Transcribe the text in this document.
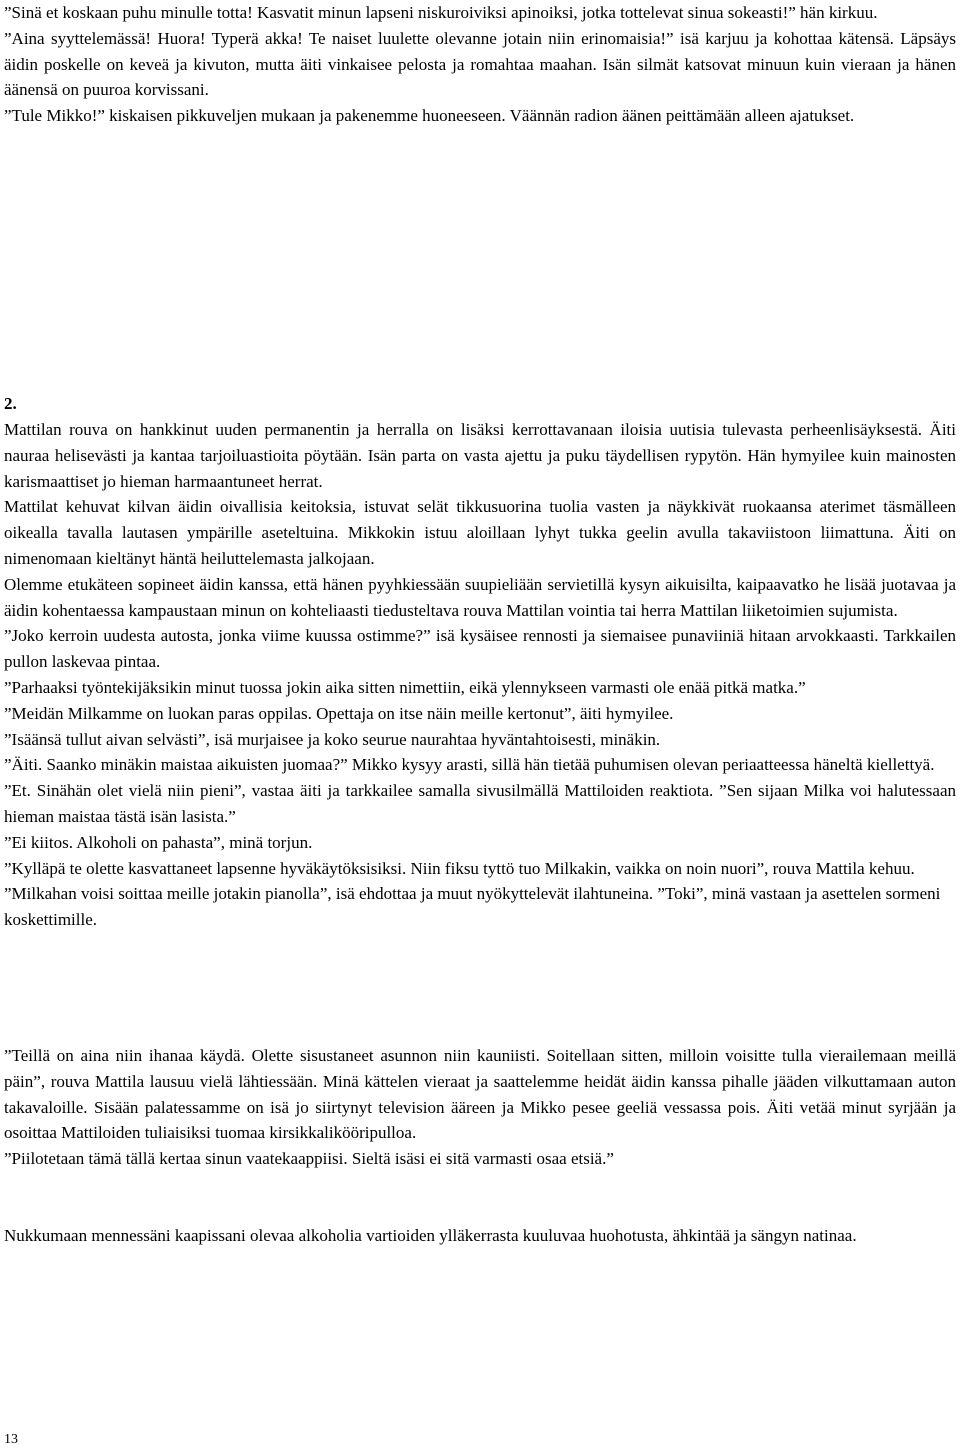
”Sinä et koskaan puhu minulle totta! Kasvatit minun lapseni niskuroiviksi apinoiksi, jotka tottelevat sinua sokeasti!” hän kirkuu.

”Aina syyttelemässä! Huora! Typerä akka! Te naiset luulette olevanne jotain niin erinomaisia!” isä karjuu ja kohottaa kätensä. Läpsäys äidin poskelle on keveä ja kivuton, mutta äiti vinkaisee pelosta ja romahtaa maahan. Isän silmät katsovat minuun kuin vieraan ja hänen äänensä on puuroa korvissani.

”Tule Mikko!” kiskaisen pikkuveljen mukaan ja pakenemme huoneeseen. Väännän radion äänen peittämään alleen ajatukset.

2.

Mattilan rouva on hankkinut uuden permanentin ja herralla on lisäksi kerrottavanaan iloisia uutisia tulevasta perheenlisäyksestä. Äiti nauraa helisevästi ja kantaa tarjoiluastioita pöytään. Isän parta on vasta ajettu ja puku täydellisen rypytön. Hän hymyilee kuin mainosten karismaattiset jo hieman harmaantuneet herrat.

Mattilat kehuvat kilvan äidin oivallisia keitoksia, istuvat selät tikkusuorina tuolia vasten ja näykkivät ruokaansa aterimet täsmälleen oikealla tavalla lautasen ympärille aseteltuina. Mikkokin istuu aloillaan lyhyt tukka geelin avulla takaviistoon liimattuna. Äiti on nimenomaan kieltänyt häntä heiluttelemasta jalkojaan.

Olemme etukäteen sopineet äidin kanssa, että hänen pyyhkiessään suupieliään servietillä kysyn aikuisilta, kaipaavatko he lisää juotavaa ja äidin kohentaessa kampaustaan minun on kohteliaasti tiedusteltava rouva Mattilan vointia tai herra Mattilan liiketoimien sujumista.

”Joko kerroin uudesta autosta, jonka viime kuussa ostimme?” isä kysäisee rennosti ja siemaisee punaviiniä hitaan arvokkaasti. Tarkkailen pullon laskevaa pintaa.

”Parhaaksi työntekijäksikin minut tuossa jokin aika sitten nimettiin, eikä ylennykseen varmasti ole enää pitkä matka.”

”Meidän Milkamme on luokan paras oppilas. Opettaja on itse näin meille kertonut”, äiti hymyilee.

”Isäänsä tullut aivan selvästi”, isä murjaisee ja koko seurue naurahtaa hyväntahtoisesti, minäkin.

”Äiti. Saanko minäkin maistaa aikuisten juomaa?” Mikko kysyy arasti, sillä hän tietää puhumisen olevan periaatteessa häneltä kiellettyä.

”Et. Sinähän olet vielä niin pieni”, vastaa äiti ja tarkkailee samalla sivusilmällä Mattiloiden reaktiota. ”Sen sijaan Milka voi halutessaan hieman maistaa tästä isän lasista.”

”Ei kiitos. Alkoholi on pahasta”, minä torjun.

”Kylläpä te olette kasvattaneet lapsenne hyväkäytöksisiksi. Niin fiksu tyttö tuo Milkakin, vaikka on noin nuori”, rouva Mattila kehuu.

”Milkahan voisi soittaa meille jotakin pianolla”, isä ehdottaa ja muut nyökyttelevät ilahtuneina. ”Toki”, minä vastaan ja asettelen sormeni koskettimille.

”Teillä on aina niin ihanaa käydä. Olette sisustaneet asunnon niin kauniisti. Soitellaan sitten, milloin voisitte tulla vierailemaan meillä päin”, rouva Mattila lausuu vielä lähtiessään. Minä kättelen vieraat ja saattelemme heidät äidin kanssa pihalle jääden vilkuttamaan auton takavaloille. Sisään palatessamme on isä jo siirtynyt television ääreen ja Mikko pesee geeliä vessassa pois. Äiti vetää minut syrjään ja osoittaa Mattiloiden tuliaisiksi tuomaa kirsikkalikööripulloa.

”Piilotetaan tämä tällä kertaa sinun vaatekaappiisi. Sieltä isäsi ei sitä varmasti osaa etsiä.”

Nukkumaan mennessäni kaapissani olevaa alkoholia vartioiden ylläkerrasta kuuluvaa huohotusta, ähkintää ja sängyn natinaa.

13
